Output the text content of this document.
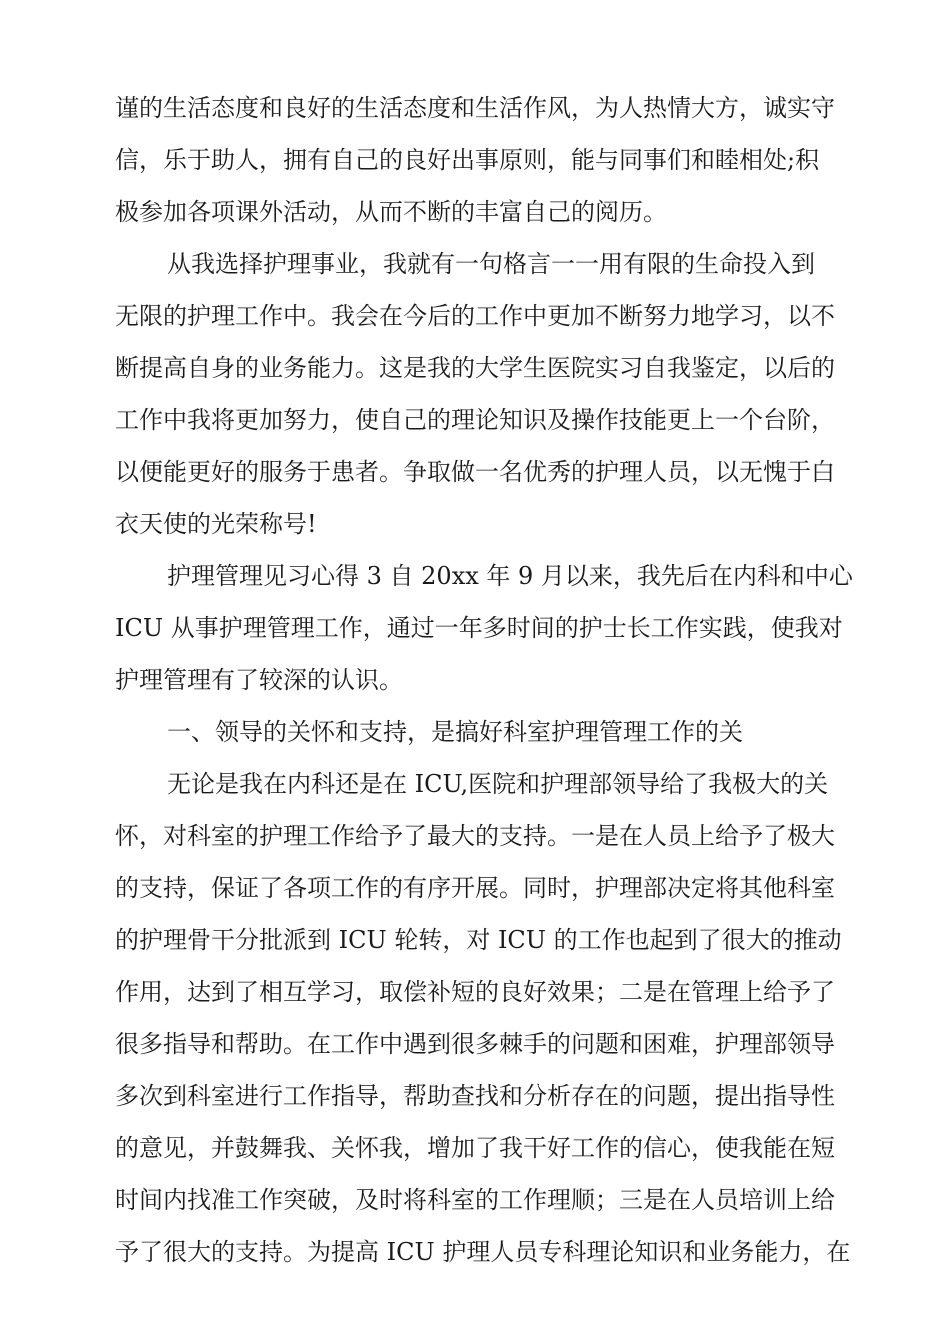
谨的生活态度和良好的生活态度和生活作风，为人热情大方，诚实守
信，乐于助人，拥有自己的良好出事原则，能与同事们和睦相处;积
极参加各项课外活动，从而不断的丰富自己的阅历。
从我选择护理事业，我就有一句格言一一用有限的生命投入到
无限的护理工作中。我会在今后的工作中更加不断努力地学习，以不
断提高自身的业务能力。这是我的大学生医院实习自我鉴定，以后的
工作中我将更加努力，使自己的理论知识及操作技能更上一个台阶，
以便能更好的服务于患者。争取做一名优秀的护理人员，以无愧于白
衣天使的光荣称号!
护理管理见习心得 3 自 20xx 年 9 月以来，我先后在内科和中心
ICU 从事护理管理工作，通过一年多时间的护士长工作实践，使我对
护理管理有了较深的认识。
一、领导的关怀和支持，是搞好科室护理管理工作的关
无论是我在内科还是在 ICU,医院和护理部领导给了我极大的关
怀，对科室的护理工作给予了最大的支持。一是在人员上给予了极大
的支持，保证了各项工作的有序开展。同时，护理部决定将其他科室
的护理骨干分批派到 ICU 轮转，对 ICU 的工作也起到了很大的推动
作用，达到了相互学习，取偿补短的良好效果；二是在管理上给予了
很多指导和帮助。在工作中遇到很多棘手的问题和困难，护理部领导
多次到科室进行工作指导，帮助查找和分析存在的问题，提出指导性
的意见，并鼓舞我、关怀我，增加了我干好工作的信心，使我能在短
时间内找准工作突破，及时将科室的工作理顺；三是在人员培训上给
予了很大的支持。为提高 ICU 护理人员专科理论知识和业务能力，在
